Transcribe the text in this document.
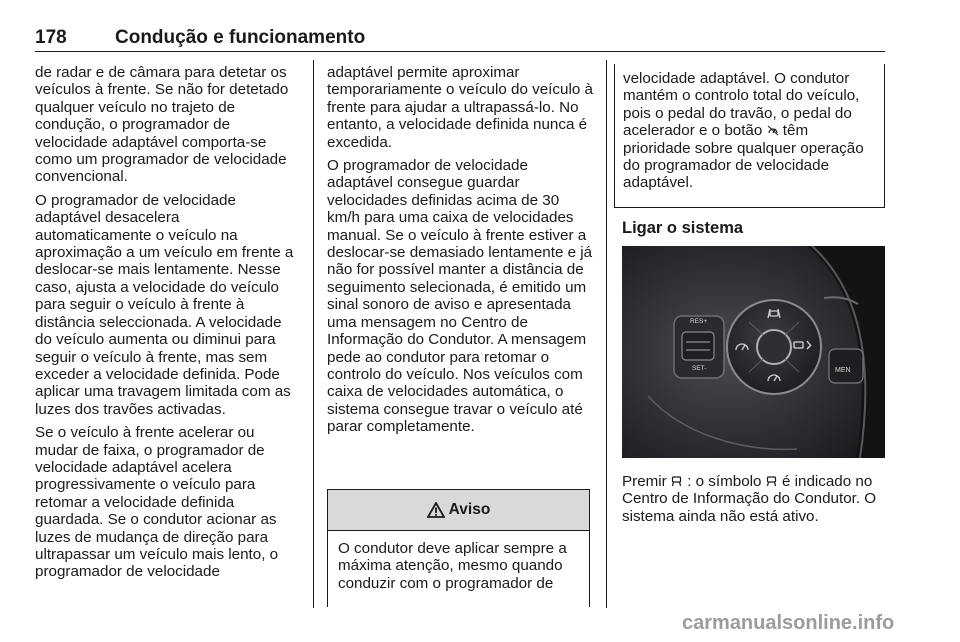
178	Condução e funcionamento

de radar e de câmara para detetar os veículos à frente. Se não for detetado qualquer veículo no trajeto de condução, o programador de velocidade adaptável comporta-se como um programador de velocidade convencional.

O programador de velocidade adaptável desacelera automaticamente o veículo na aproximação a um veículo em frente a deslocar-se mais lentamente. Nesse caso, ajusta a velocidade do veículo para seguir o veículo à frente à distância seleccionada. A velocidade do veículo aumenta ou diminui para seguir o veículo à frente, mas sem exceder a velocidade definida. Pode aplicar uma travagem limitada com as luzes dos travões activadas.

Se o veículo à frente acelerar ou mudar de faixa, o programador de velocidade adaptável acelera progressivamente o veículo para retomar a velocidade definida guardada. Se o condutor acionar as luzes de mudança de direção para ultrapassar um veículo mais lento, o programador de velocidade

adaptável permite aproximar temporariamente o veículo do veículo à frente para ajudar a ultrapassá-lo. No entanto, a velocidade definida nunca é excedida.

O programador de velocidade adaptável consegue guardar velocidades definidas acima de 30 km/h para uma caixa de velocidades manual. Se o veículo à frente estiver a deslocar-se demasiado lentamente e já não for possível manter a distância de seguimento selecionada, é emitido um sinal sonoro de aviso e apresentada uma mensagem no Centro de Informação do Condutor. A mensagem pede ao condutor para retomar o controlo do veículo. Nos veículos com caixa de velocidades automática, o sistema consegue travar o veículo até parar completamente.

Aviso
O condutor deve aplicar sempre a máxima atenção, mesmo quando conduzir com o programador de
velocidade adaptável. O condutor mantém o controlo total do veículo, pois o pedal do travão, o pedal do acelerador e o botão têm prioridade sobre qualquer operação do programador de velocidade adaptável.
Ligar o sistema
RES+
SET-	MEN
Premir : o símbolo é indicado no Centro de Informação do Condutor. O sistema ainda não está ativo.
carmanualsonline.info
